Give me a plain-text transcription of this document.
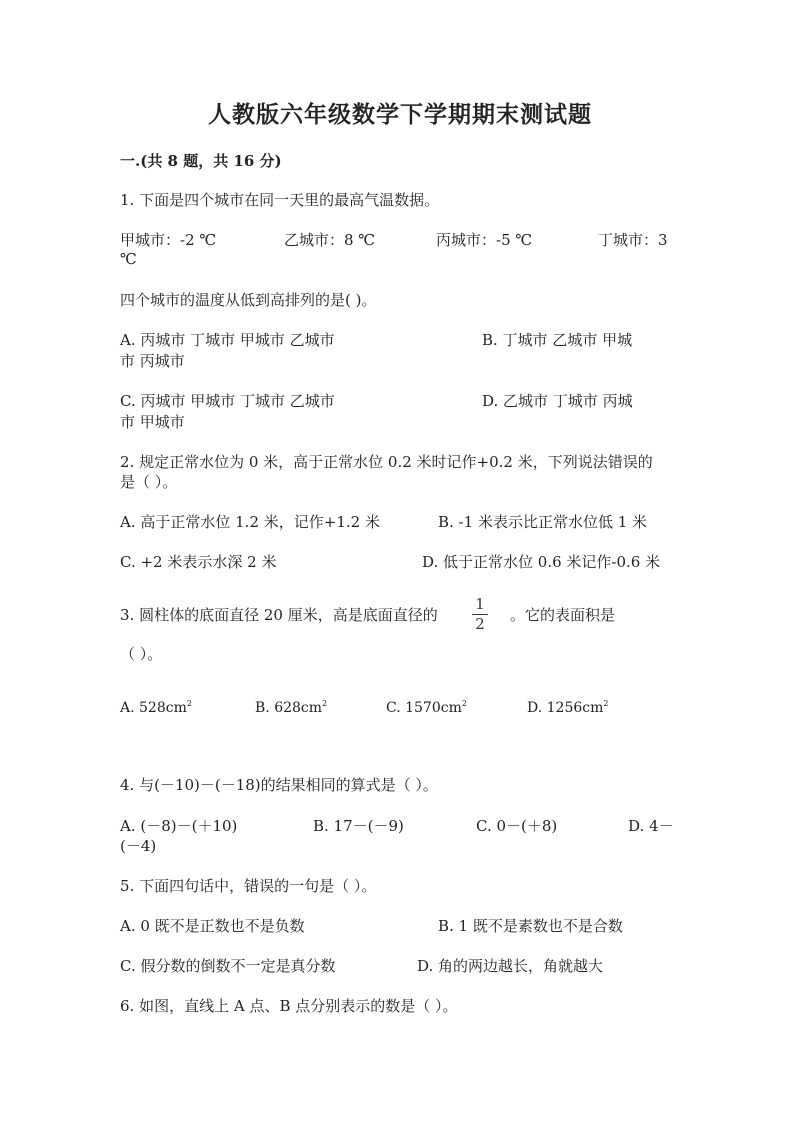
人教版六年级数学下学期期末测试题
一.(共 8 题，共 16 分)
1. 下面是四个城市在同一天里的最高气温数据。
甲城市：-2 ℃	乙城市：8 ℃	丙城市：-5 ℃	丁城市：3
℃
四个城市的温度从低到高排列的是( )。
A. 丙城市 丁城市 甲城市 乙城市	B. 丁城市 乙城市 甲城
市 丙城市
C. 丙城市 甲城市 丁城市 乙城市	D. 乙城市 丁城市 丙城
市 甲城市
2. 规定正常水位为 0 米，高于正常水位 0.2 米时记作+0.2 米，下列说法错误的
是（ ）。
A. 高于正常水位 1.2 米，记作+1.2 米	B. -1 米表示比正常水位低 1 米
C. +2 米表示水深 2 米	D. 低于正常水位 0.6 米记作-0.6 米
3. 圆柱体的底面直径 20 厘米，高是底面直径的
1
2	。它的表面积是
（ ）。
A. $528cm^2$	B. $628cm^2$	C. $1570cm^2$	D. $1256cm^2$
4. 与(－10)－(－18)的结果相同的算式是（ ）。
A. (－8)－(＋10)	B. 17－(－9)	C. 0－(＋8)	D. 4－
(－4)
5. 下面四句话中，错误的一句是（ ）。
A. 0 既不是正数也不是负数	B. 1 既不是素数也不是合数
C. 假分数的倒数不一定是真分数	D. 角的两边越长，角就越大
6. 如图，直线上 A 点、B 点分别表示的数是（ ）。
